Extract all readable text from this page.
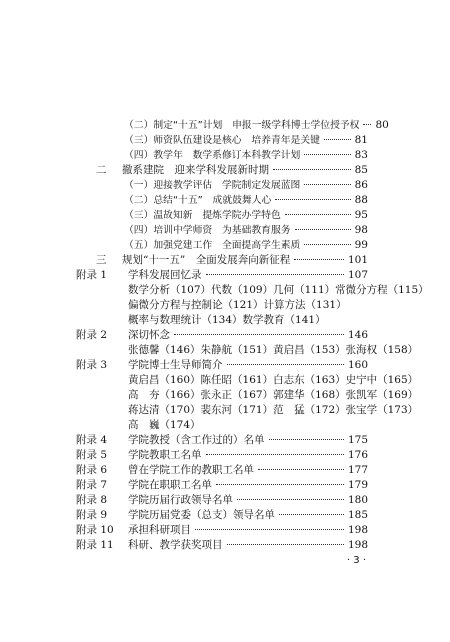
（二）制定“十五”计划　申报一级学科博士学位授予权 80
（三）师资队伍建设是核心　培养青年是关键	81
（四）教学年　数学系修订本科教学计划	83
二 撤系建院　迎来学科发展新时期	85
（一）迎接教学评估　学院制定发展蓝图	86
（二）总结“十五”　成就鼓舞人心	88
（三）温故知新　提炼学院办学特色	95
（四）培训中学师资　为基础教育服务	98
（五）加强党建工作　全面提高学生素质	99
三 规划“十一五”　全面发展奔向新征程	101
附录 1 学科发展回忆录	107
数学分析（107）代数（109）几何（111）常微分方程（115）
偏微分方程与控制论（121）计算方法（131）
概率与数理统计（134）数学教育（141）
附录 2 深切怀念	146
张德馨（146）朱静航（151）黄启昌（153）张海权（158）
附录 3 学院博士生导师简介	160
黄启昌（160）陈任昭（161）白志东（163）史宁中（165）
高　夯（166）张永正（167）郭建华（168）张凯军（169）
蒋达清（170）裴东河（171）范　猛（172）张宝学（173）
高　巍（174）
附录 4 学院教授（含工作过的）名单	175
附录 5 学院教职工名单	176
附录 6 曾在学院工作的教职工名单	177
附录 7 学院在职职工名单	179
附录 8 学院历届行政领导名单	180
附录 9 学院历届党委（总支）领导名单	185
附录 10 承担科研项目	198
附录 11 科研、教学获奖项目	198
· 3 ·
